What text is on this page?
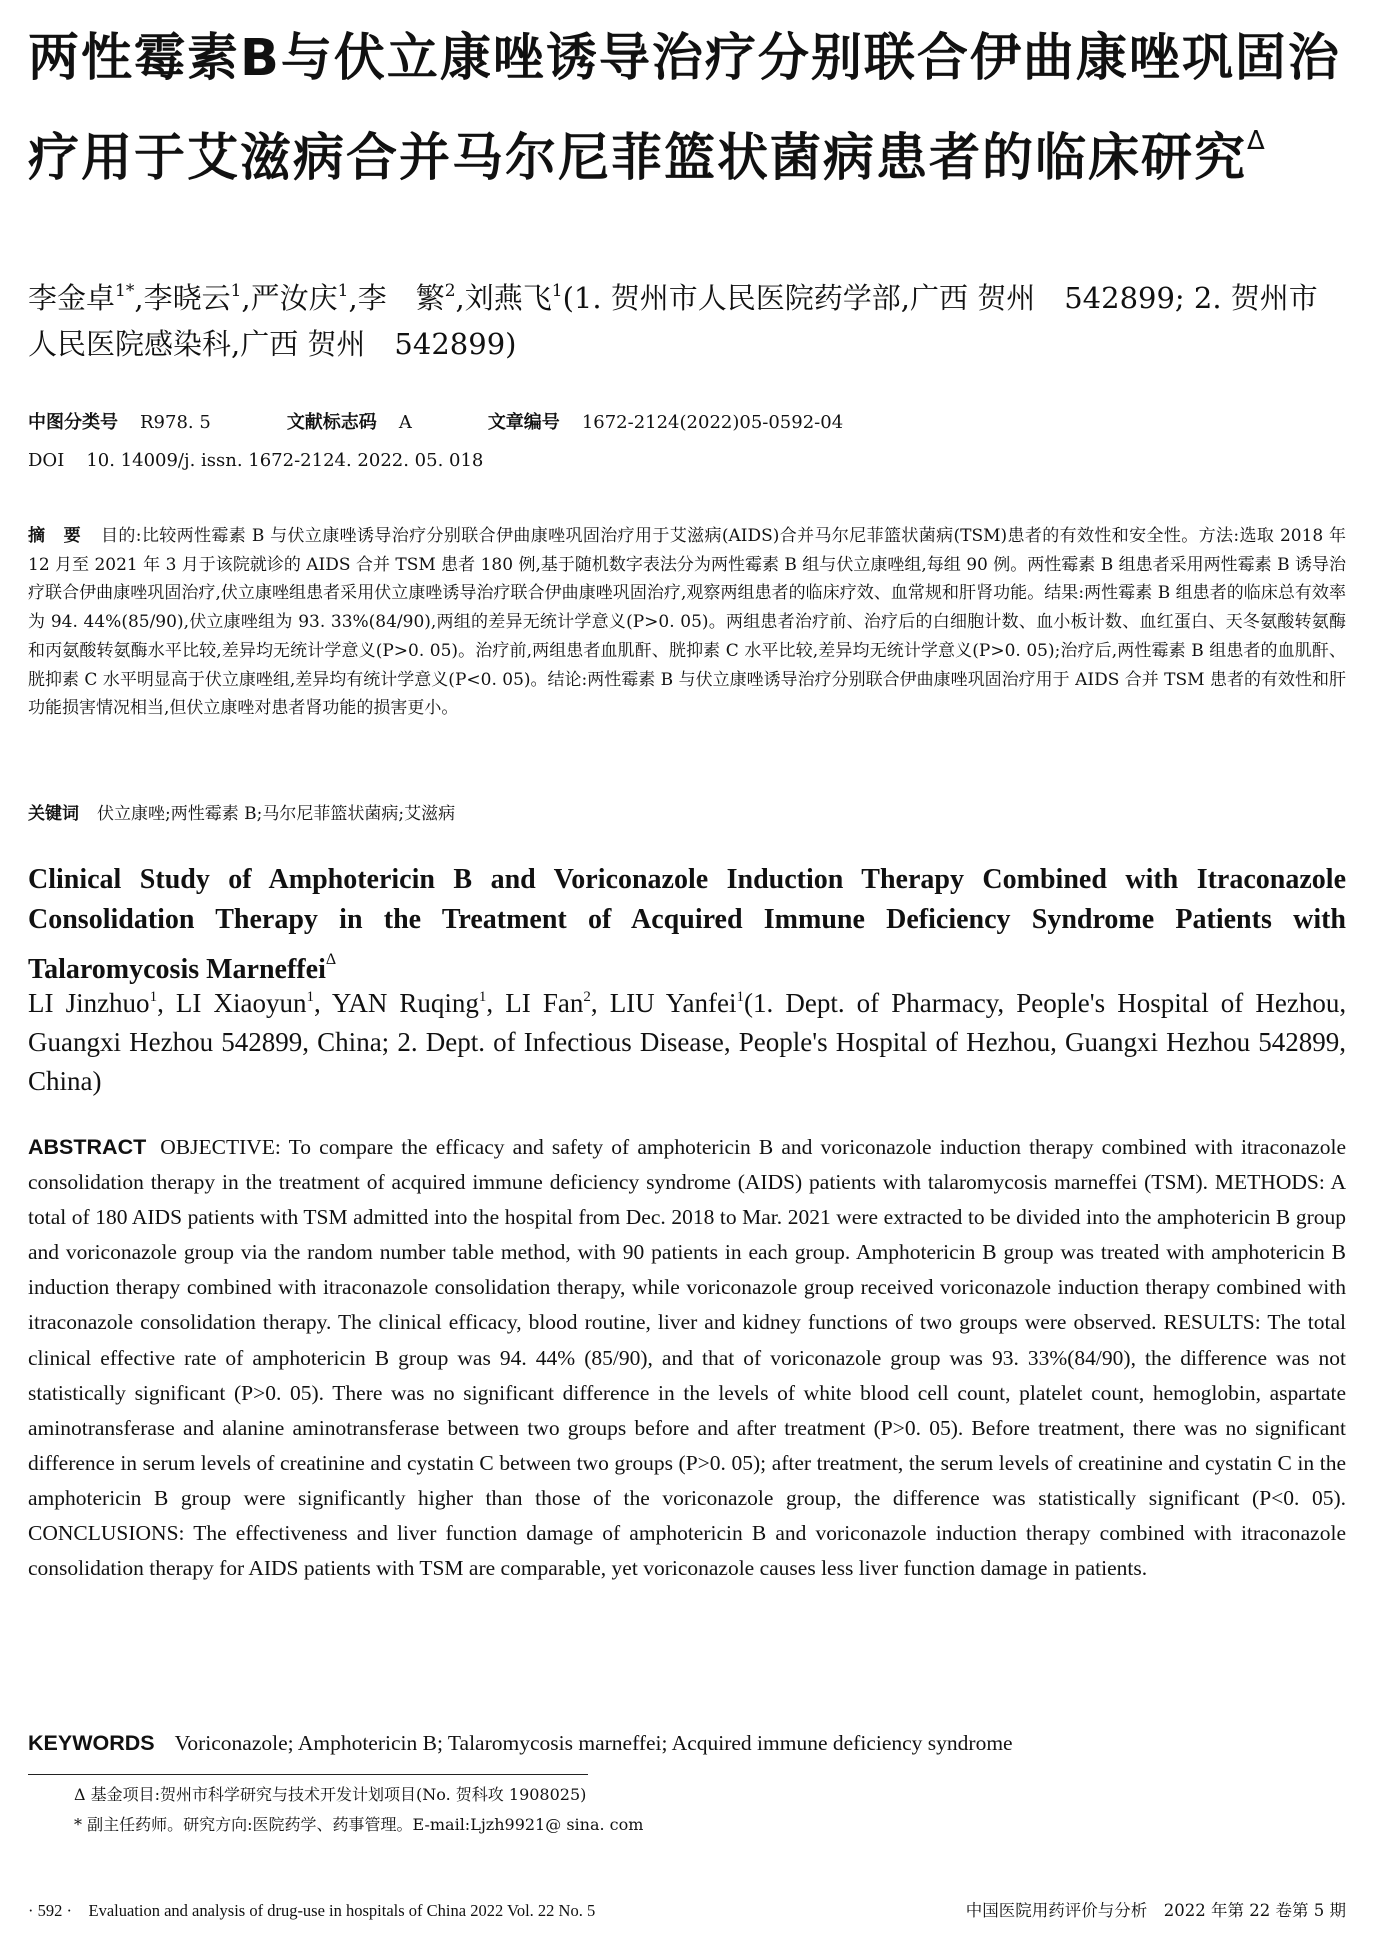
两性霉素B与伏立康唑诱导治疗分别联合伊曲康唑巩固治疗用于艾滋病合并马尔尼菲篮状菌病患者的临床研究$^\Delta$
李金卓$^{1*}$,李晓云$^1$,严汝庆$^1$,李　繁$^2$,刘燕飞$^1$(1. 贺州市人民医院药学部,广西 贺州　542899; 2. 贺州市人民医院感染科,广西 贺州　542899)
中图分类号 R978. 5	文献标志码 A	文章编号 1672-2124(2022)05-0592-04
DOI 10. 14009/j. issn. 1672-2124. 2022. 05. 018

摘 要 目的:比较两性霉素 B 与伏立康唑诱导治疗分别联合伊曲康唑巩固治疗用于艾滋病(AIDS)合并马尔尼菲篮状菌病(TSM)患者的有效性和安全性。方法:选取 2018 年 12 月至 2021 年 3 月于该院就诊的 AIDS 合并 TSM 患者 180 例,基于随机数字表法分为两性霉素 B 组与伏立康唑组,每组 90 例。两性霉素 B 组患者采用两性霉素 B 诱导治疗联合伊曲康唑巩固治疗,伏立康唑组患者采用伏立康唑诱导治疗联合伊曲康唑巩固治疗,观察两组患者的临床疗效、血常规和肝肾功能。结果:两性霉素 B 组患者的临床总有效率为 94. 44%(85/90),伏立康唑组为 93. 33%(84/90),两组的差异无统计学意义(P>0. 05)。两组患者治疗前、治疗后的白细胞计数、血小板计数、血红蛋白、天冬氨酸转氨酶和丙氨酸转氨酶水平比较,差异均无统计学意义(P>0. 05)。治疗前,两组患者血肌酐、胱抑素 C 水平比较,差异均无统计学意义(P>0. 05);治疗后,两性霉素 B 组患者的血肌酐、胱抑素 C 水平明显高于伏立康唑组,差异均有统计学意义(P<0. 05)。结论:两性霉素 B 与伏立康唑诱导治疗分别联合伊曲康唑巩固治疗用于 AIDS 合并 TSM 患者的有效性和肝功能损害情况相当,但伏立康唑对患者肾功能的损害更小。

关键词 伏立康唑;两性霉素 B;马尔尼菲篮状菌病;艾滋病
Clinical Study of Amphotericin B and Voriconazole Induction Therapy Combined with Itraconazole Consolidation Therapy in the Treatment of Acquired Immune Deficiency Syndrome Patients with Talaromycosis Marneffei$^\Delta$
LI Jinzhuo$^1$, LI Xiaoyun$^1$, YAN Ruqing$^1$, LI Fan$^2$, LIU Yanfei$^1$(1. Dept. of Pharmacy, People's Hospital of Hezhou, Guangxi Hezhou 542899, China; 2. Dept. of Infectious Disease, People's Hospital of Hezhou, Guangxi Hezhou 542899, China)

ABSTRACT OBJECTIVE: To compare the efficacy and safety of amphotericin B and voriconazole induction therapy combined with itraconazole consolidation therapy in the treatment of acquired immune deficiency syndrome (AIDS) patients with talaromycosis marneffei (TSM). METHODS: A total of 180 AIDS patients with TSM admitted into the hospital from Dec. 2018 to Mar. 2021 were extracted to be divided into the amphotericin B group and voriconazole group via the random number table method, with 90 patients in each group. Amphotericin B group was treated with amphotericin B induction therapy combined with itraconazole consolidation therapy, while voriconazole group received voriconazole induction therapy combined with itraconazole consolidation therapy. The clinical efficacy, blood routine, liver and kidney functions of two groups were observed. RESULTS: The total clinical effective rate of amphotericin B group was 94. 44% (85/90), and that of voriconazole group was 93. 33%(84/90), the difference was not statistically significant (P>0. 05). There was no significant difference in the levels of white blood cell count, platelet count, hemoglobin, aspartate aminotransferase and alanine aminotransferase between two groups before and after treatment (P>0. 05). Before treatment, there was no significant difference in serum levels of creatinine and cystatin C between two groups (P>0. 05); after treatment, the serum levels of creatinine and cystatin C in the amphotericin B group were significantly higher than those of the voriconazole group, the difference was statistically significant (P<0. 05). CONCLUSIONS: The effectiveness and liver function damage of amphotericin B and voriconazole induction therapy combined with itraconazole consolidation therapy for AIDS patients with TSM are comparable, yet voriconazole causes less liver function damage in patients.

KEYWORDS Voriconazole; Amphotericin B; Talaromycosis marneffei; Acquired immune deficiency syndrome
Δ 基金项目:贺州市科学研究与技术开发计划项目(No. 贺科攻 1908025)
* 副主任药师。研究方向:医院药学、药事管理。E-mail:Ljzh9921@ sina. com
· 592 ·　Evaluation and analysis of drug-use in hospitals of China 2022 Vol. 22 No. 5	中国医院用药评价与分析　2022 年第 22 卷第 5 期
